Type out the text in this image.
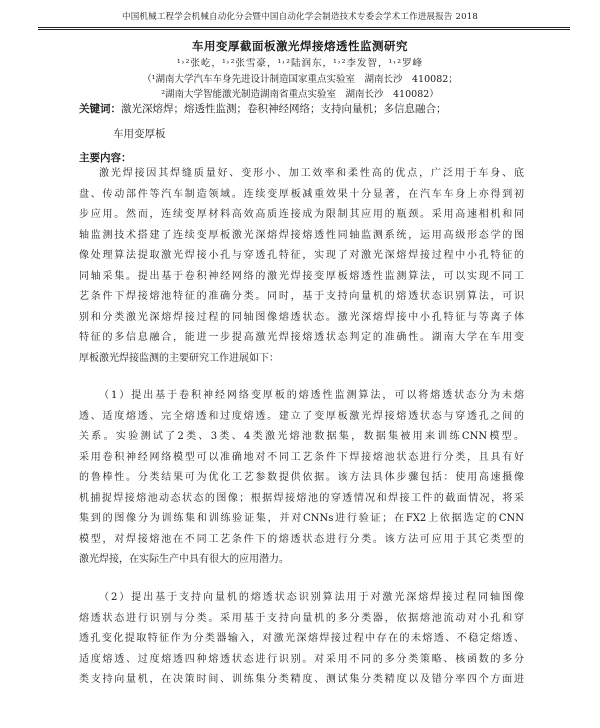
中国机械工程学会机械自动化分会暨中国自动化学会制造技术专委会学术工作进展报告 2018
车用变厚截面板激光焊接熔透性监测研究
¹˒²张屹，¹˒²张雪豪，¹˒²陆润东，¹˒²李发智，¹˒²罗峰
（¹湖南大学汽车车身先进设计制造国家重点实验室　湖南长沙　410082；
²湖南大学智能激光制造湖南省重点实验室　湖南长沙　410082）
关键词：激光深熔焊；熔透性监测；卷积神经网络；支持向量机；多信息融合；
车用变厚板
主要内容：
激光焊接因其焊缝质量好、变形小、加工效率和柔性高的优点，广泛用于车身、底
盘、传动部件等汽车制造领域。连续变厚板减重效果十分显著，在汽车车身上亦得到初
步应用。然而，连续变厚材料高效高质连接成为限制其应用的瓶颈。采用高速相机和同
轴监测技术搭建了连续变厚板激光深熔焊接熔透性同轴监测系统，运用高级形态学的图
像处理算法提取激光焊接小孔与穿透孔特征，实现了对激光深熔焊接过程中小孔特征的
同轴采集。提出基于卷积神经网络的激光焊接变厚板熔透性监测算法，可以实现不同工
艺条件下焊接熔池特征的准确分类。同时，基于支持向量机的熔透状态识别算法，可识
别和分类激光深熔焊接过程的同轴图像熔透状态。激光深熔焊接中小孔特征与等离子体
特征的多信息融合，能进一步提高激光焊接熔透状态判定的准确性。湖南大学在车用变
厚板激光焊接监测的主要研究工作进展如下：
（1）提出基于卷积神经网络变厚板的熔透性监测算法，可以将熔透状态分为未熔
透、适度熔透、完全熔透和过度熔透。建立了变厚板激光焊接熔透状态与穿透孔之间的
关系。实验测试了2类、3类、4类激光熔池数据集，数据集被用来训练CNN模型。
采用卷积神经网络模型可以准确地对不同工艺条件下焊接熔池状态进行分类，且具有好
的鲁棒性。分类结果可为优化工艺参数提供依据。该方法具体步骤包括：使用高速摄像
机捕捉焊接熔池动态状态的图像；根据焊接熔池的穿透情况和焊接工件的截面情况，将采
集到的图像分为训练集和训练验证集，并对CNNs进行验证；在FX2上依据选定的CNN
模型，对焊接熔池在不同工艺条件下的熔透状态进行分类。该方法可应用于其它类型的
激光焊接，在实际生产中具有很大的应用潜力。
（2）提出基于支持向量机的熔透状态识别算法用于对激光深熔焊接过程同轴图像
熔透状态进行识别与分类。采用基于支持向量机的多分类器，依据熔池流动对小孔和穿
透孔变化提取特征作为分类器输入，对激光深熔焊接过程中存在的未熔透、不稳定熔透、
适度熔透、过度熔透四种熔透状态进行识别。对采用不同的多分类策略、核函数的多分
类支持向量机，在决策时间、训练集分类精度、测试集分类精度以及错分率四个方面进
